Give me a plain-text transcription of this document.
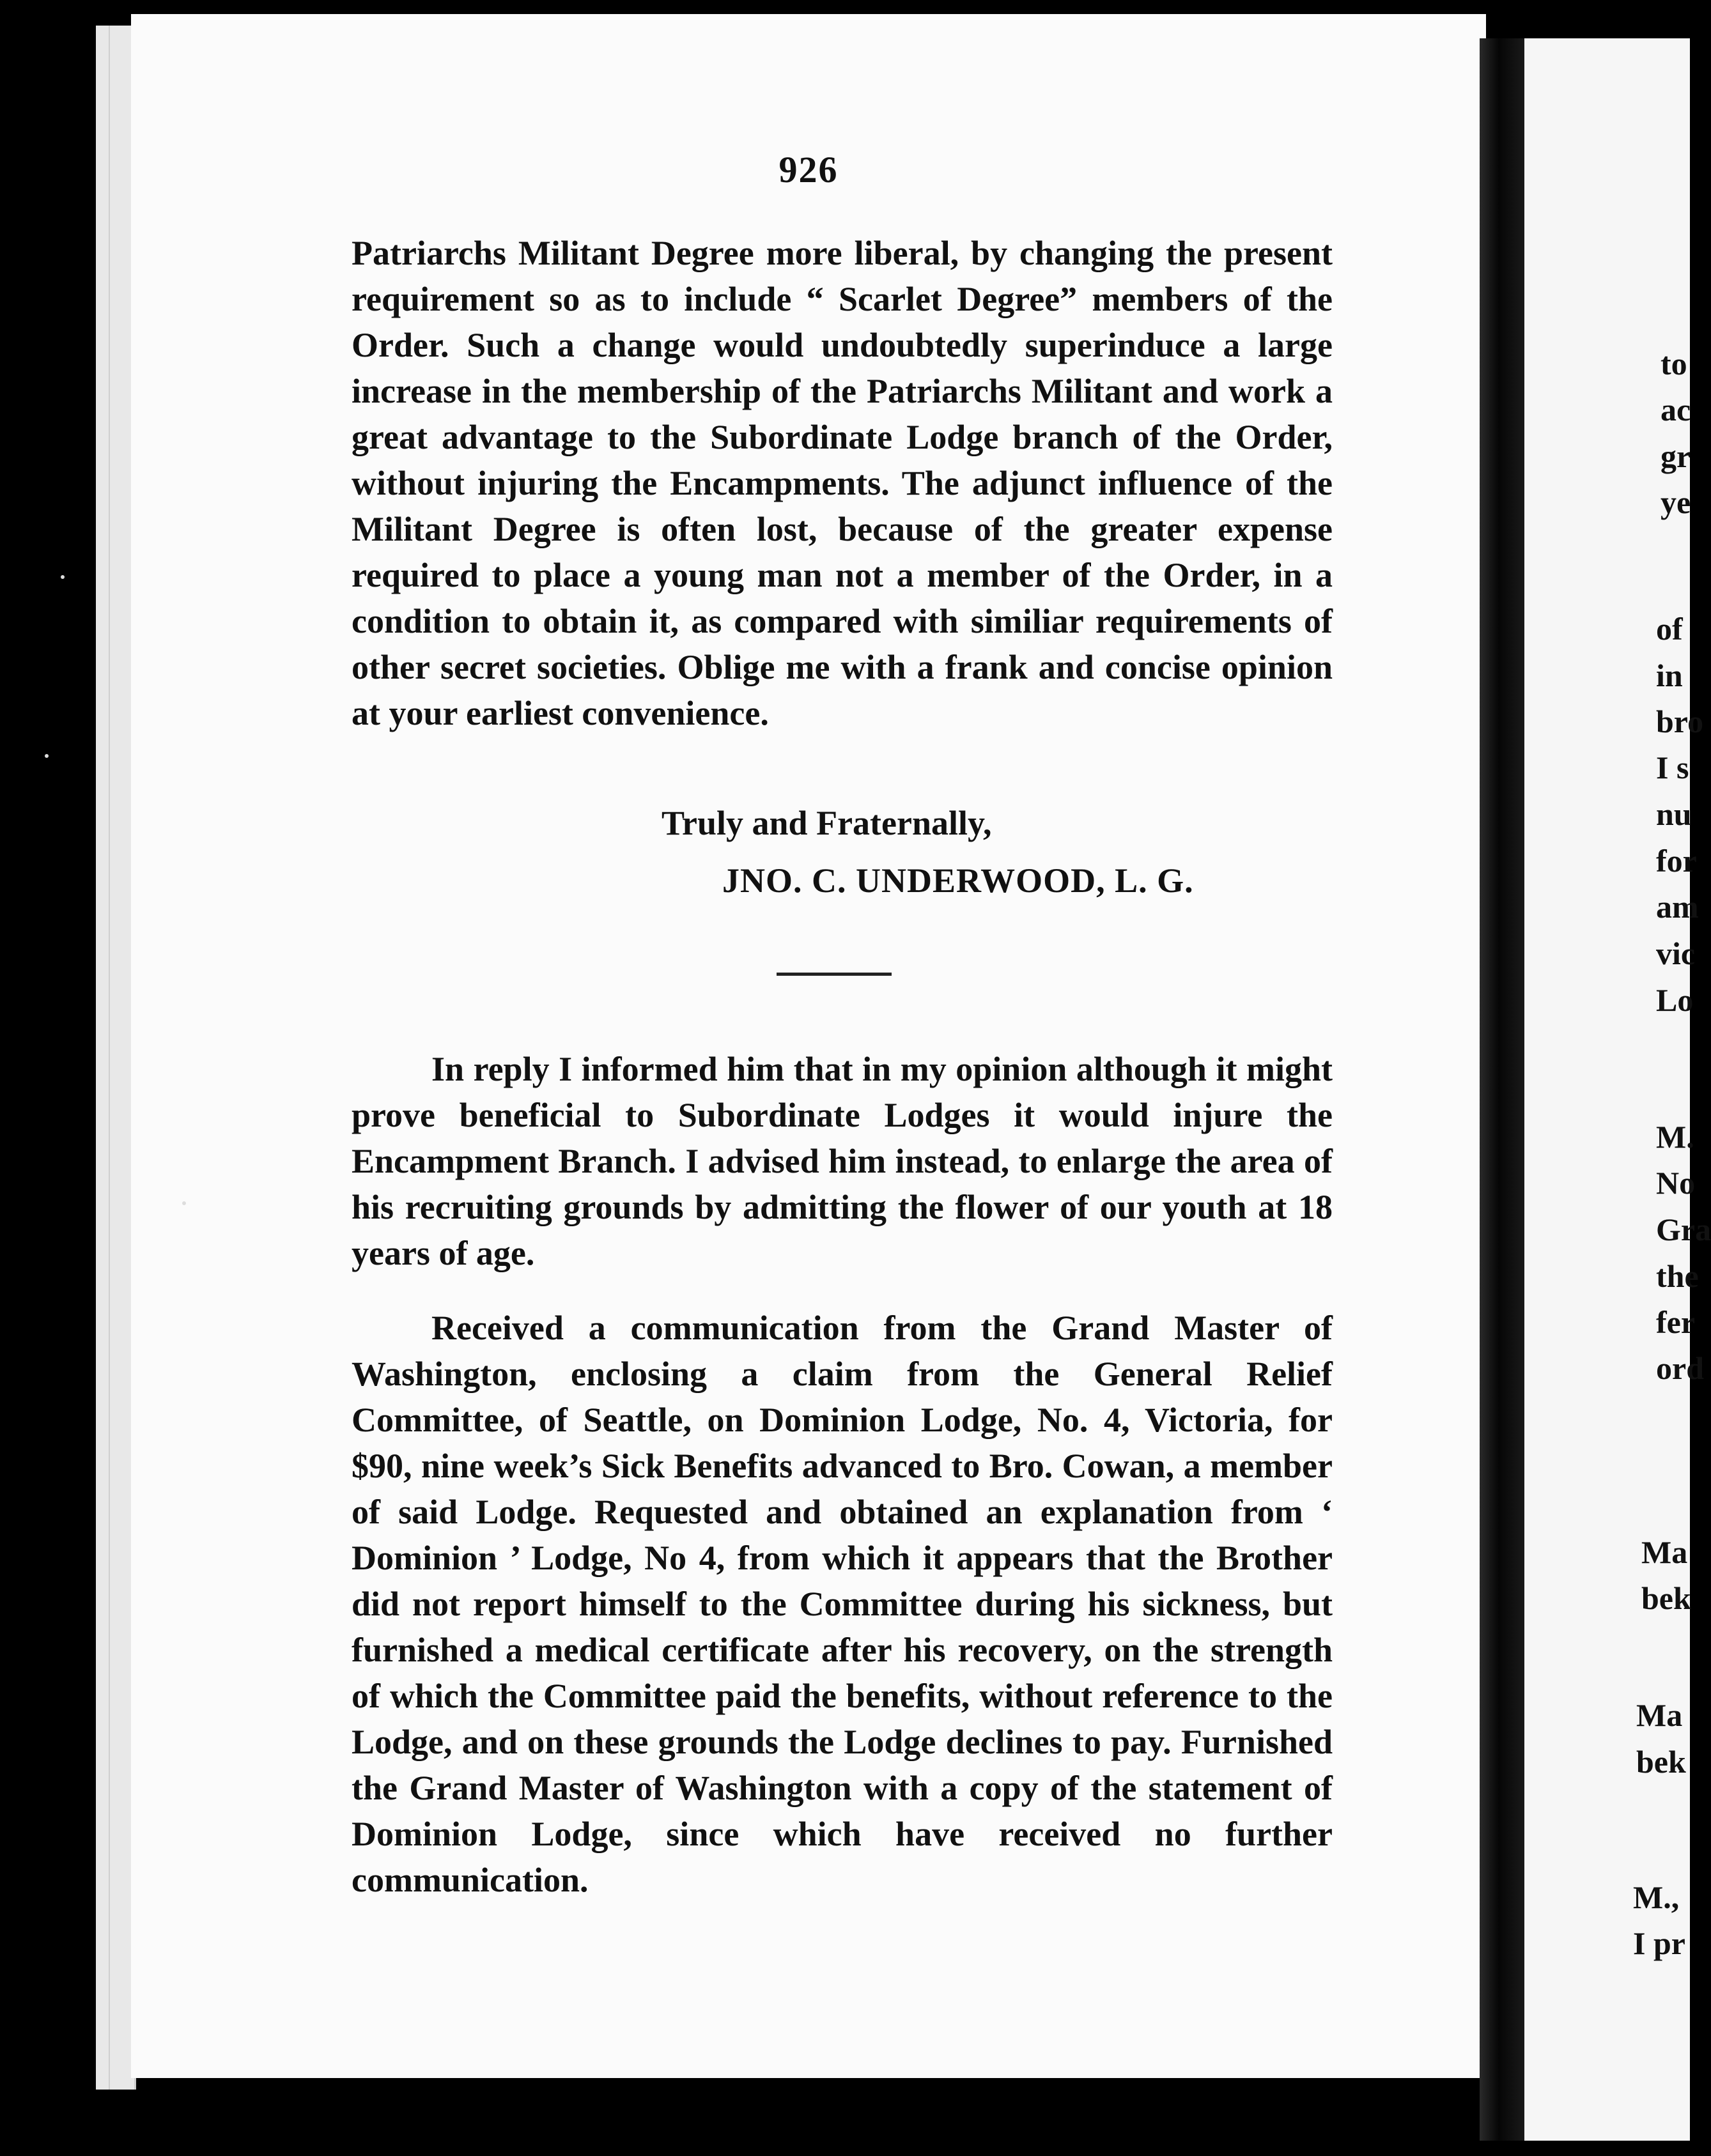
926

Patriarchs Militant Degree more liberal, by changing the present requirement so as to include “ Scarlet Degree” members of the Order. Such a change would undoubtedly superinduce a large increase in the membership of the Patriarchs Militant and work a great advantage to the Subordinate Lodge branch of the Order, without injuring the Encampments. The adjunct influence of the Militant Degree is often lost, because of the greater expense required to place a young man not a member of the Order, in a condition to obtain it, as compared with similiar requirements of other secret societies. Oblige me with a frank and concise opinion at your earliest convenience.

Truly and Fraternally,
JNO. C. UNDERWOOD, L. G.

In reply I informed him that in my opinion although it might prove beneficial to Subordinate Lodges it would injure the Encampment Branch. I advised him instead, to enlarge the area of his recruiting grounds by admitting the flower of our youth at 18 years of age.

Received a communication from the Grand Master of Washington, enclosing a claim from the General Relief Committee, of Seattle, on Dominion Lodge, No. 4, Victoria, for $90, nine week’s Sick Benefits advanced to Bro. Cowan, a member of said Lodge. Requested and obtained an explanation from ‘ Dominion ’ Lodge, No 4, from which it appears that the Brother did not report himself to the Committee during his sickness, but furnished a medical certificate after his recovery, on the strength of which the Committee paid the benefits, without reference to the Lodge, and on these grounds the Lodge declines to pay. Furnished the Grand Master of Washington with a copy of the statement of Dominion Lodge, since which have received no further communication.

to
ac
gr
ye
of
in
bro
I s
nu
for
am
vic
Lo
M.
No
Gra
the
fer
ord
Ma
bek
Ma
bek
M.,
I pr
